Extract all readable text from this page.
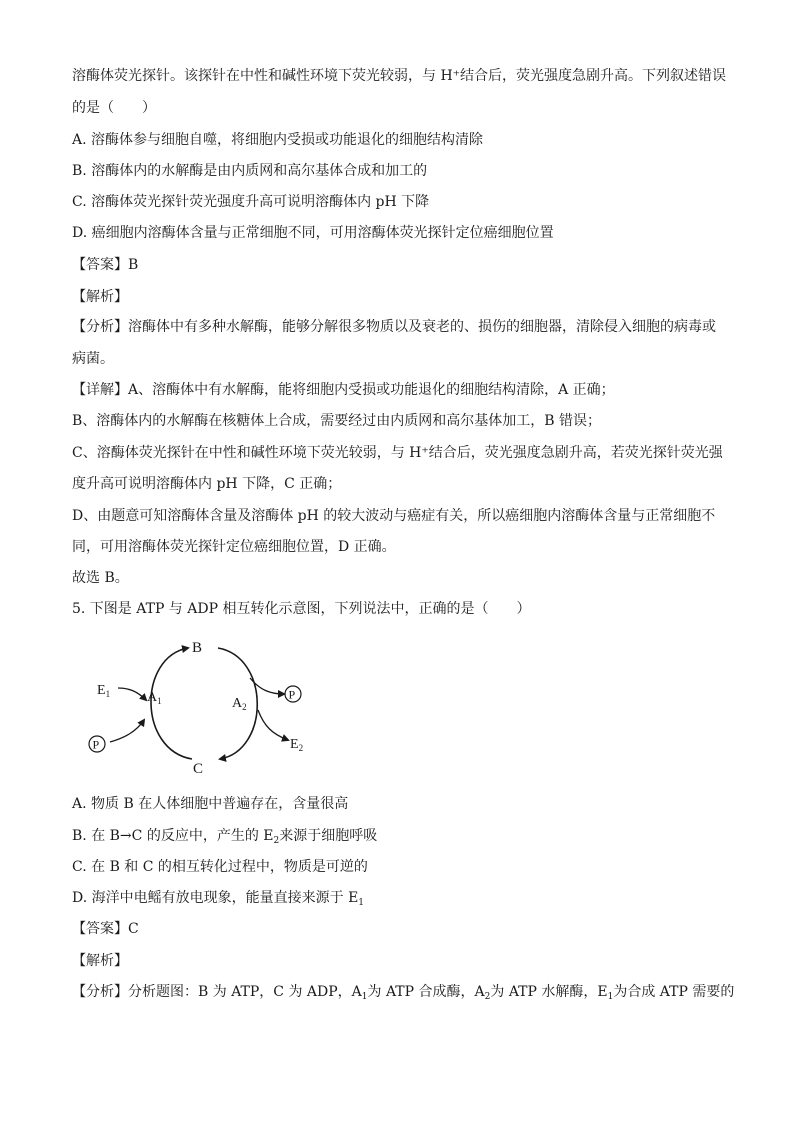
溶酶体荧光探针。该探针在中性和碱性环境下荧光较弱，与 H⁺结合后，荧光强度急剧升高。下列叙述错误
的是（　　）
A. 溶酶体参与细胞自噬，将细胞内受损或功能退化的细胞结构清除
B. 溶酶体内的水解酶是由内质网和高尔基体合成和加工的
C. 溶酶体荧光探针荧光强度升高可说明溶酶体内 pH 下降
D. 癌细胞内溶酶体含量与正常细胞不同，可用溶酶体荧光探针定位癌细胞位置
【答案】B
【解析】
【分析】溶酶体中有多种水解酶，能够分解很多物质以及衰老的、损伤的细胞器，清除侵入细胞的病毒或
病菌。
【详解】A、溶酶体中有水解酶，能将细胞内受损或功能退化的细胞结构清除，A 正确；
B、溶酶体内的水解酶在核糖体上合成，需要经过由内质网和高尔基体加工，B 错误；
C、溶酶体荧光探针在中性和碱性环境下荧光较弱，与 H⁺结合后，荧光强度急剧升高，若荧光探针荧光强
度升高可说明溶酶体内 pH 下降，C 正确；
D、由题意可知溶酶体含量及溶酶体 pH 的较大波动与癌症有关，所以癌细胞内溶酶体含量与正常细胞不
同，可用溶酶体荧光探针定位癌细胞位置，D 正确。
故选 B。
5. 下图是 ATP 与 ADP 相互转化示意图，下列说法中，正确的是（　　）
B
C
$A_1$	$A_2$
$E_1$
$E_2$
P
P
A. 物质 B 在人体细胞中普遍存在，含量很高
B. 在 B→C 的反应中，产生的 $E_2$来源于细胞呼吸
C. 在 B 和 C 的相互转化过程中，物质是可逆的
D. 海洋中电鳐有放电现象，能量直接来源于 $E_1$
【答案】C
【解析】
【分析】分析题图：B 为 ATP，C 为 ADP，$A_1$为 ATP 合成酶，$A_2$为 ATP 水解酶，$E_1$为合成 ATP 需要的
